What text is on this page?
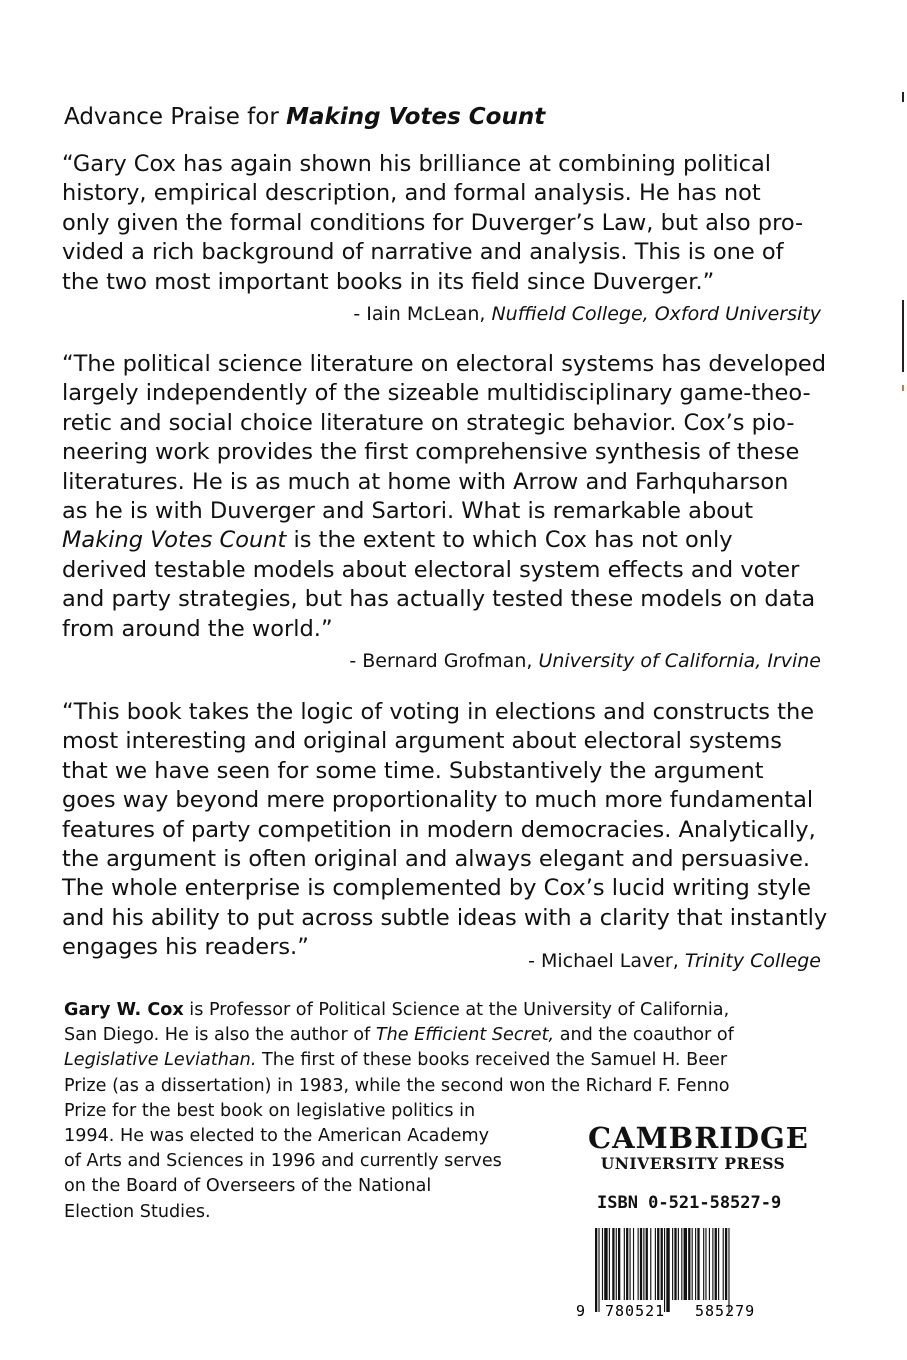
Advance Praise for Making Votes Count
“Gary Cox has again shown his brilliance at combining political
history, empirical description, and formal analysis. He has not
only given the formal conditions for Duverger’s Law, but also pro-
vided a rich background of narrative and analysis. This is one of
the two most important books in its field since Duverger.”
- Iain McLean, Nuffield College, Oxford University
“The political science literature on electoral systems has developed
largely independently of the sizeable multidisciplinary game-theo-
retic and social choice literature on strategic behavior. Cox’s pio-
neering work provides the first comprehensive synthesis of these
literatures. He is as much at home with Arrow and Farhquharson
as he is with Duverger and Sartori. What is remarkable about
Making Votes Count is the extent to which Cox has not only
derived testable models about electoral system effects and voter
and party strategies, but has actually tested these models on data
from around the world.”
- Bernard Grofman, University of California, Irvine
“This book takes the logic of voting in elections and constructs the
most interesting and original argument about electoral systems
that we have seen for some time. Substantively the argument
goes way beyond mere proportionality to much more fundamental
features of party competition in modern democracies. Analytically,
the argument is often original and always elegant and persuasive.
The whole enterprise is complemented by Cox’s lucid writing style
and his ability to put across subtle ideas with a clarity that instantly
engages his readers.”
- Michael Laver, Trinity College
Gary W. Cox is Professor of Political Science at the University of California,
San Diego. He is also the author of The Efficient Secret, and the coauthor of
Legislative Leviathan. The first of these books received the Samuel H. Beer
Prize (as a dissertation) in 1983, while the second won the Richard F. Fenno
Prize for the best book on legislative politics in
1994. He was elected to the American Academy
of Arts and Sciences in 1996 and currently serves
on the Board of Overseers of the National
Election Studies.
CAMBRIDGE
UNIVERSITY PRESS
ISBN 0-521-58527-9
9 780521 585279
